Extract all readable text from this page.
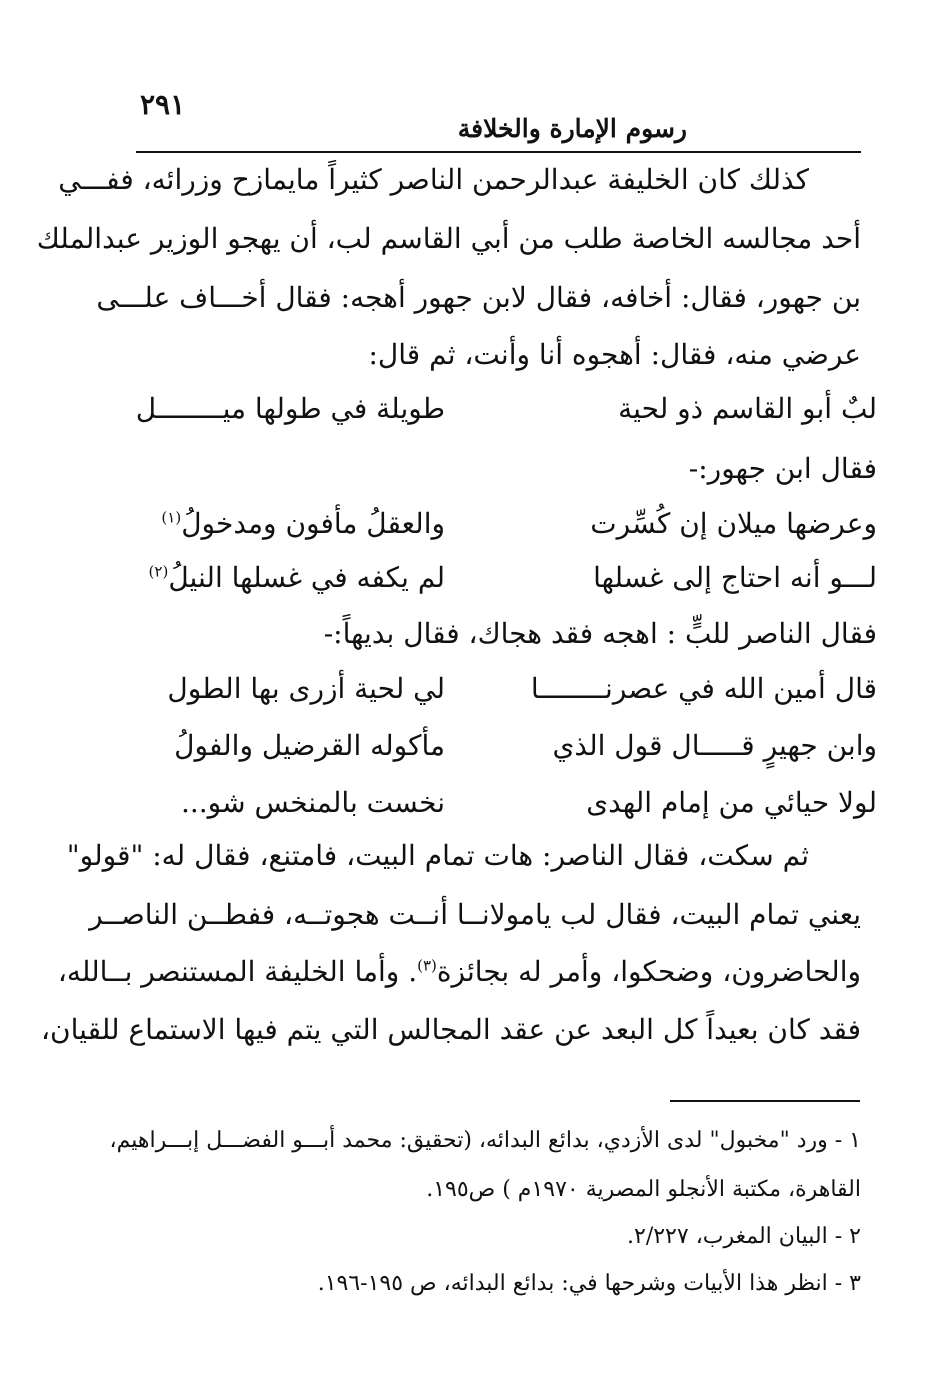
٢٩١
رسوم الإمارة والخلافة
كذلك كان الخليفة عبدالرحمن الناصر كثيراً مايمازح وزرائه، ففـــي
أحد مجالسه الخاصة طلب من أبي القاسم لب، أن يهجو الوزير عبدالملك
بن جهور، فقال: أخافه، فقال لابن جهور أهجه: فقال أخـــاف علـــى
عرضي منه، فقال: أهجوه أنا وأنت، ثم قال:
لبٌ أبو القاسم ذو لحية
طويلة في طولها ميــــــــل
فقال ابن جهور:-
وعرضها ميلان إن كُسِّرت
والعقلُ مأفون ومدخولُ$^{(١)}$
لـــو أنه احتاج إلى غسلها
لم يكفه في غسلها النيلُ$^{(٢)}$
فقال الناصر للبٍّ : اهجه فقد هجاك، فقال بديهاً:-
قال أمين الله في عصرنــــــــا
لي لحية أزرى بها الطول
وابن جهيرٍ قـــــال قول الذي
مأكوله القرضيل والفولُ
لولا حيائي من إمام الهدى
نخست بالمنخس شو...
ثم سكت، فقال الناصر: هات تمام البيت، فامتنع، فقال له: "قولو"
يعني تمام البيت، فقال لب يامولانــا أنــت هجوتــه، ففطــن الناصــر
والحاضرون، وضحكوا، وأمر له بجائزة$^{(٣)}$. وأما الخليفة المستنصر بــالله،
فقد كان بعيداً كل البعد عن عقد المجالس التي يتم فيها الاستماع للقيان،
١ - ورد "مخبول" لدى الأزدي، بدائع البدائه، (تحقيق: محمد أبـــو الفضـــل إبـــراهيم،
القاهرة، مكتبة الأنجلو المصرية ١٩٧٠م ) ص١٩٥.
٢ - البيان المغرب، ٢/٢٢٧.
٣ - انظر هذا الأبيات وشرحها في: بدائع البدائه، ص ١٩٥-١٩٦.
